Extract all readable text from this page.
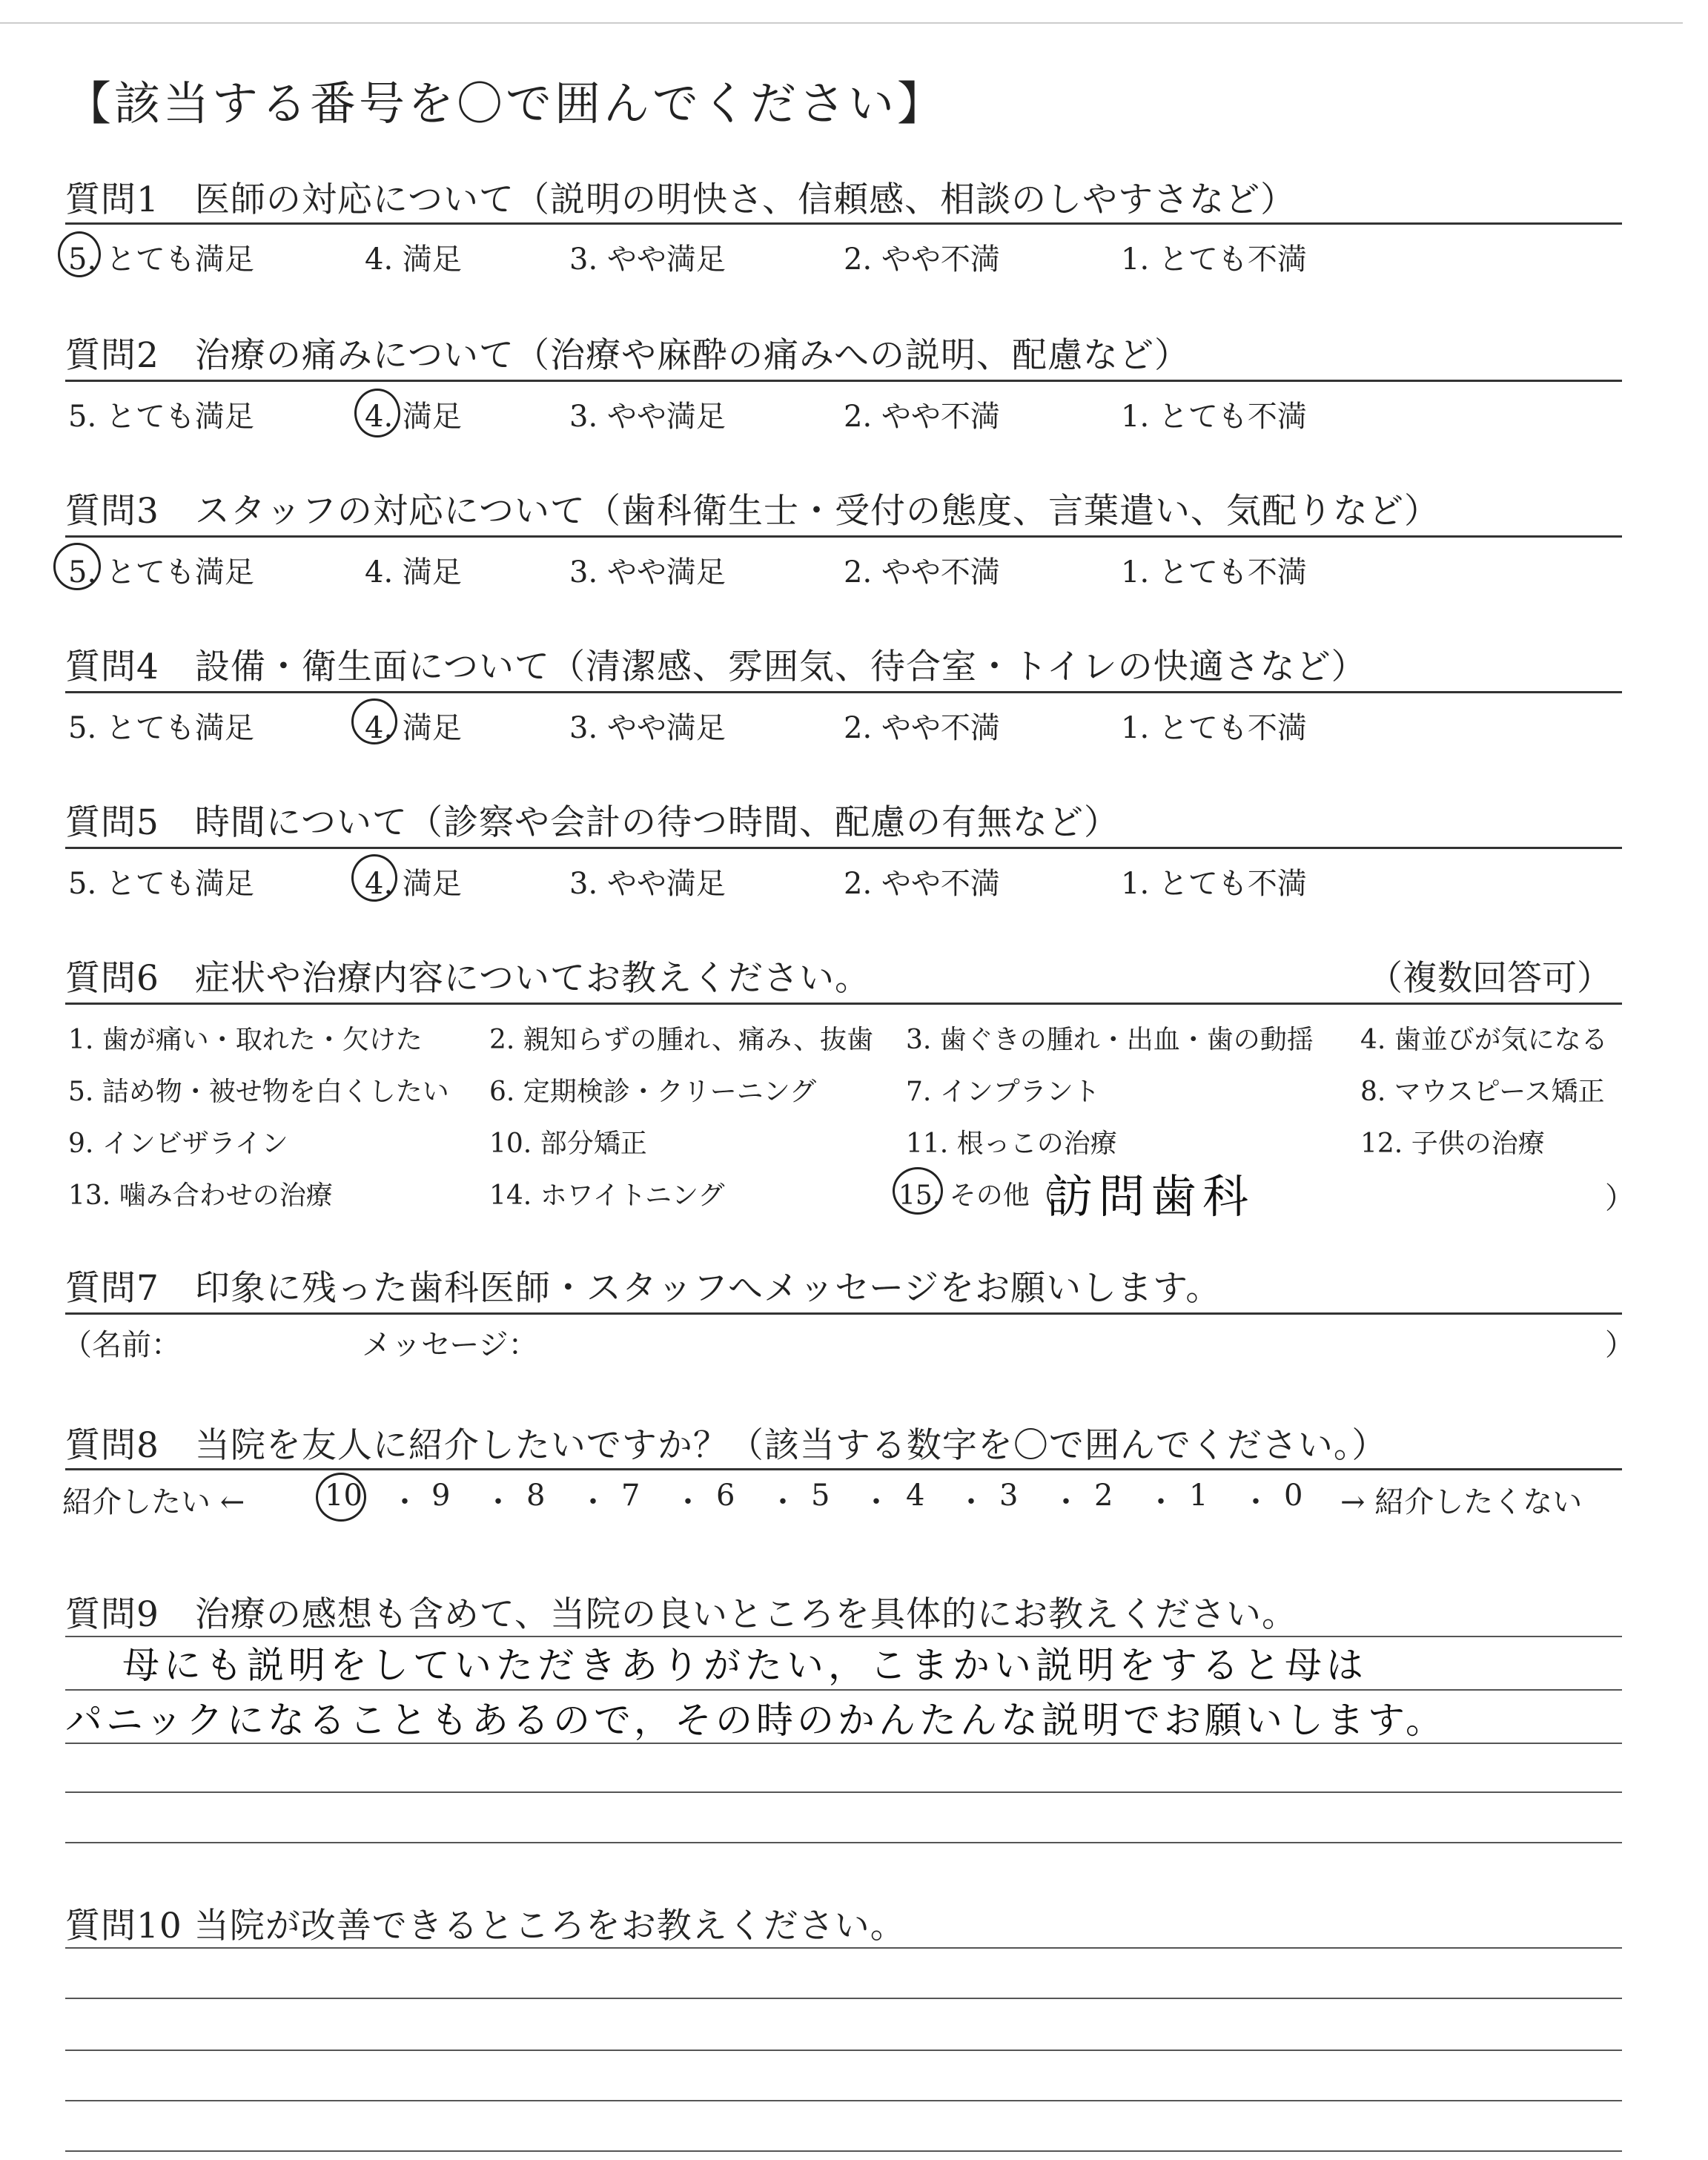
【該当する番号を〇で囲んでください】
質問1　医師の対応について（説明の明快さ、信頼感、相談のしやすさなど）
5. とても満足	4. 満足	3. やや満足	2. やや不満	1. とても不満
質問2　治療の痛みについて（治療や麻酔の痛みへの説明、配慮など）
5. とても満足	4. 満足	3. やや満足	2. やや不満	1. とても不満
質問3　スタッフの対応について（歯科衛生士・受付の態度、言葉遣い、気配りなど）
5. とても満足	4. 満足	3. やや満足	2. やや不満	1. とても不満
質問4　設備・衛生面について（清潔感、雰囲気、待合室・トイレの快適さなど）
5. とても満足	4. 満足	3. やや満足	2. やや不満	1. とても不満
質問5　時間について（診察や会計の待つ時間、配慮の有無など）
5. とても満足	4. 満足	3. やや満足	2. やや不満	1. とても不満
質問6　症状や治療内容についてお教えください。	（複数回答可）
1. 歯が痛い・取れた・欠けた	2. 親知らずの腫れ、痛み、抜歯 3. 歯ぐきの腫れ・出血・歯の動揺 4. 歯並びが気になる
5. 詰め物・被せ物を白くしたい 6. 定期検診・クリーニング	7. インプラント	8. マウスピース矯正
9. インビザライン	10. 部分矯正	11. 根っこの治療	12. 子供の治療
13. 噛み合わせの治療	14. ホワイトニング	15. その他（
訪問歯科	）
質問7　印象に残った歯科医師・スタッフへメッセージをお願いします。
（名前：	メッセージ：	）
質問8　当院を友人に紹介したいですか？（該当する数字を〇で囲んでください。）
紹介したい ←	10 ・ 9 ・ 8 ・ 7 ・ 6 ・ 5 ・ 4 ・ 3 ・ 2 ・ 1 ・ 0 → 紹介したくない
質問9　治療の感想も含めて、当院の良いところを具体的にお教えください。
母にも説明をしていただきありがたい，こまかい説明をすると母は
パニックになることもあるので，その時のかんたんな説明でお願いします。
質問10 当院が改善できるところをお教えください。
